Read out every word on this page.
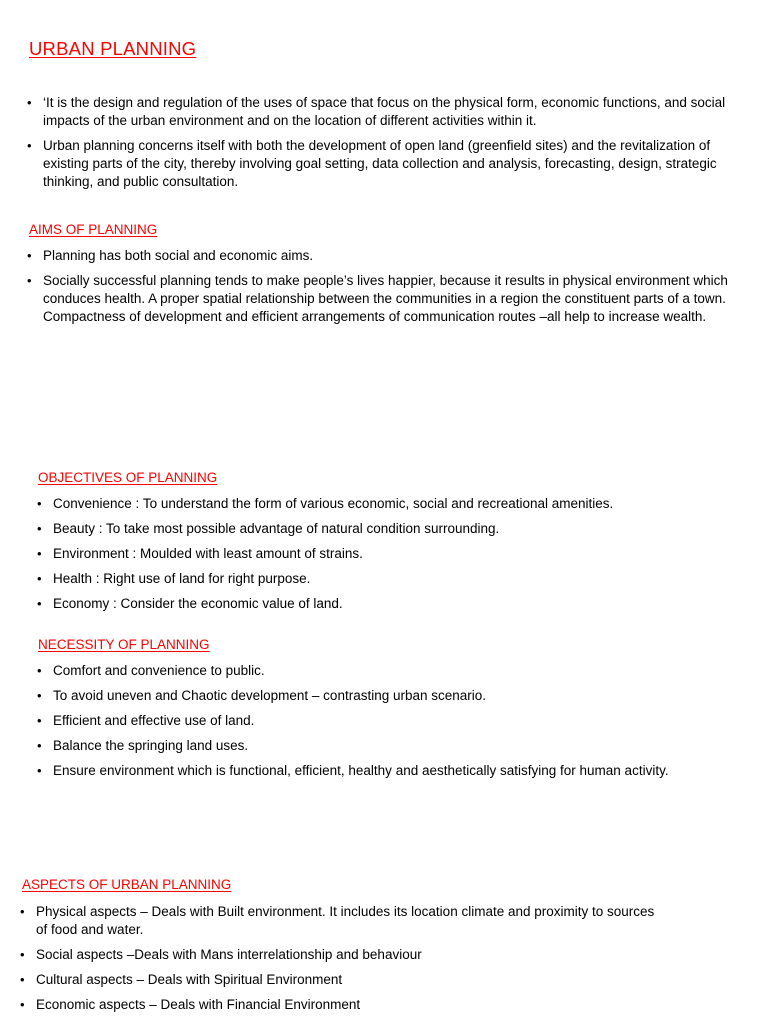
URBAN PLANNING
• ‘It is the design and regulation of the uses of space that focus on the physical form, economic functions, and social impacts of the urban environment and on the location of different activities within it.
• Urban planning concerns itself with both the development of open land (greenfield sites) and the revitalization of existing parts of the city, thereby involving goal setting, data collection and analysis, forecasting, design, strategic thinking, and public consultation.
AIMS OF PLANNING
• Planning has both social and economic aims.
• Socially successful planning tends to make people’s lives happier, because it results in physical environment which conduces health. A proper spatial relationship between the communities in a region the constituent parts of a town. Compactness of development and efficient arrangements of communication routes –all help to increase wealth.
OBJECTIVES OF PLANNING
• Convenience : To understand the form of various economic, social and recreational amenities.
• Beauty : To take most possible advantage of natural condition surrounding.
• Environment : Moulded with least amount of strains.
• Health : Right use of land for right purpose.
• Economy : Consider the economic value of land.
NECESSITY OF PLANNING
• Comfort and convenience to public.
• To avoid uneven and Chaotic development – contrasting urban scenario.
• Efficient and effective use of land.
• Balance the springing land uses.
• Ensure environment which is functional, efficient, healthy and aesthetically satisfying for human activity.
ASPECTS OF URBAN PLANNING
• Physical aspects – Deals with Built environment. It includes its location climate and proximity to sources of food and water.
• Social aspects –Deals with Mans interrelationship and behaviour
• Cultural aspects – Deals with Spiritual Environment
• Economic aspects – Deals with Financial Environment
